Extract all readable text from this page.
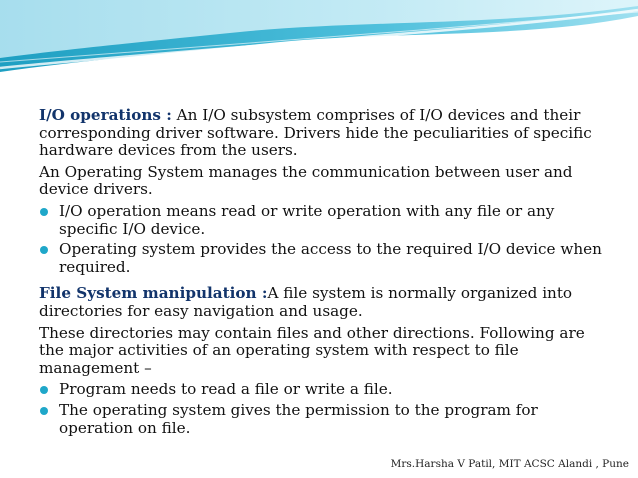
I/O operations : An I/O subsystem comprises of I/O devices and their corresponding driver software. Drivers hide the peculiarities of specific hardware devices from the users.

An Operating System manages the communication between user and device drivers.

I/O operation means read or write operation with any file or any specific I/O device.
Operating system provides the access to the required I/O device when required.

File System manipulation :A file system is normally organized into directories for easy navigation and usage.

These directories may contain files and other directions. Following are the major activities of an operating system with respect to file management –

Program needs to read a file or write a file.
The operating system gives the permission to the program for operation on file.
Mrs.Harsha V Patil, MIT ACSC Alandi , Pune
